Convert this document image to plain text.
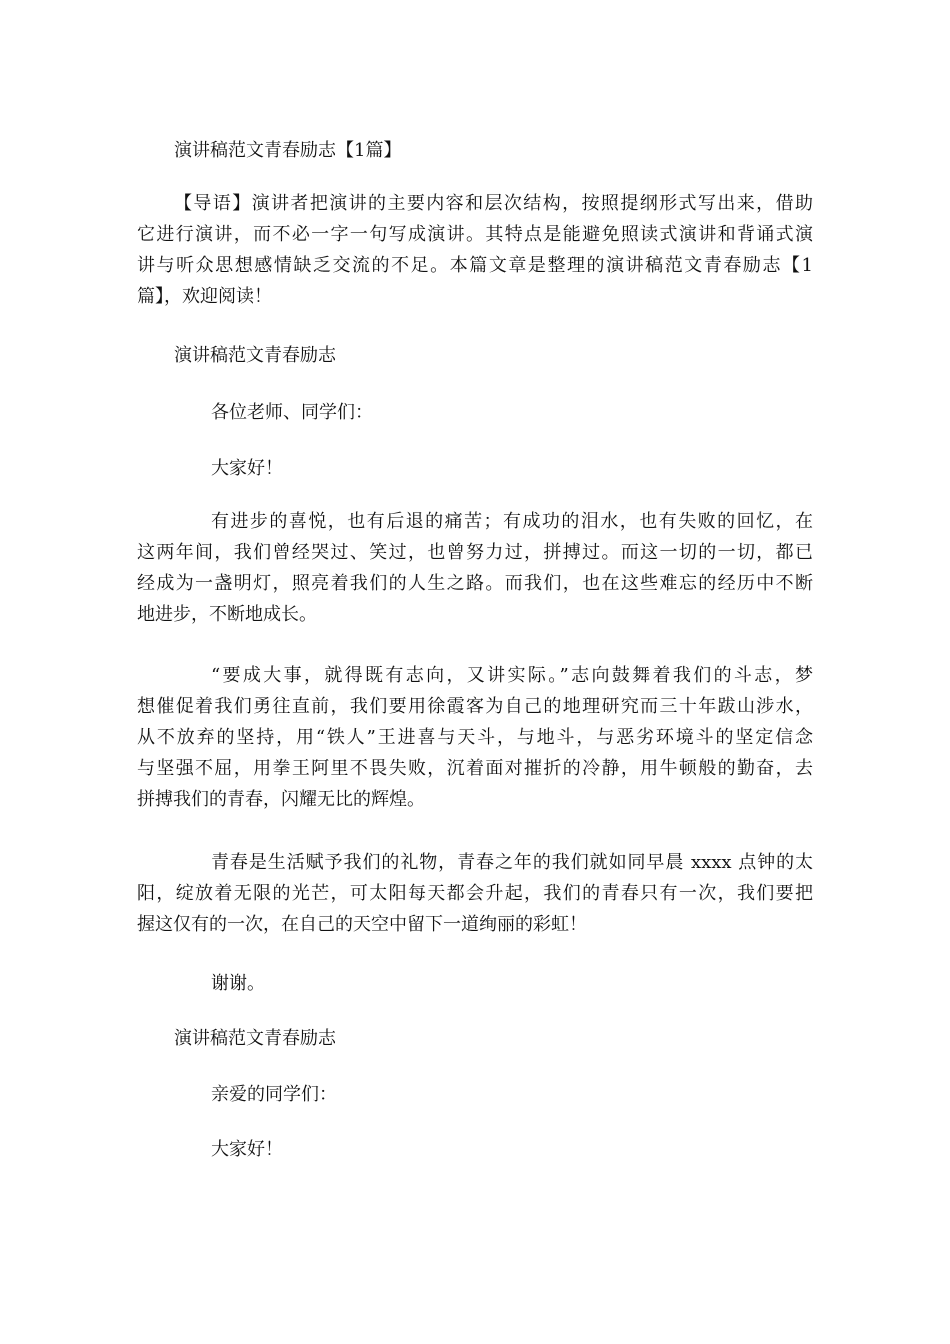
演讲稿范文青春励志【1篇】
【导语】演讲者把演讲的主要内容和层次结构，按照提纲形式写出来，借助
它进行演讲，而不必一字一句写成演讲。其特点是能避免照读式演讲和背诵式演
讲与听众思想感情缺乏交流的不足。本篇文章是整理的演讲稿范文青春励志【1
篇】，欢迎阅读！
演讲稿范文青春励志
各位老师、同学们：
大家好！
有进步的喜悦，也有后退的痛苦；有成功的泪水，也有失败的回忆，在
这两年间，我们曾经哭过、笑过，也曾努力过，拼搏过。而这一切的一切，都已
经成为一盏明灯，照亮着我们的人生之路。而我们，也在这些难忘的经历中不断
地进步，不断地成长。
“要成大事，就得既有志向，又讲实际。”志向鼓舞着我们的斗志，梦
想催促着我们勇往直前，我们要用徐霞客为自己的地理研究而三十年跋山涉水，
从不放弃的坚持，用“铁人”王进喜与天斗，与地斗，与恶劣环境斗的坚定信念
与坚强不屈，用拳王阿里不畏失败，沉着面对摧折的冷静，用牛顿般的勤奋，去
拼搏我们的青春，闪耀无比的辉煌。
青春是生活赋予我们的礼物，青春之年的我们就如同早晨 xxxx 点钟的太
阳，绽放着无限的光芒，可太阳每天都会升起，我们的青春只有一次，我们要把
握这仅有的一次，在自己的天空中留下一道绚丽的彩虹！
谢谢。
演讲稿范文青春励志
亲爱的同学们：
大家好！
